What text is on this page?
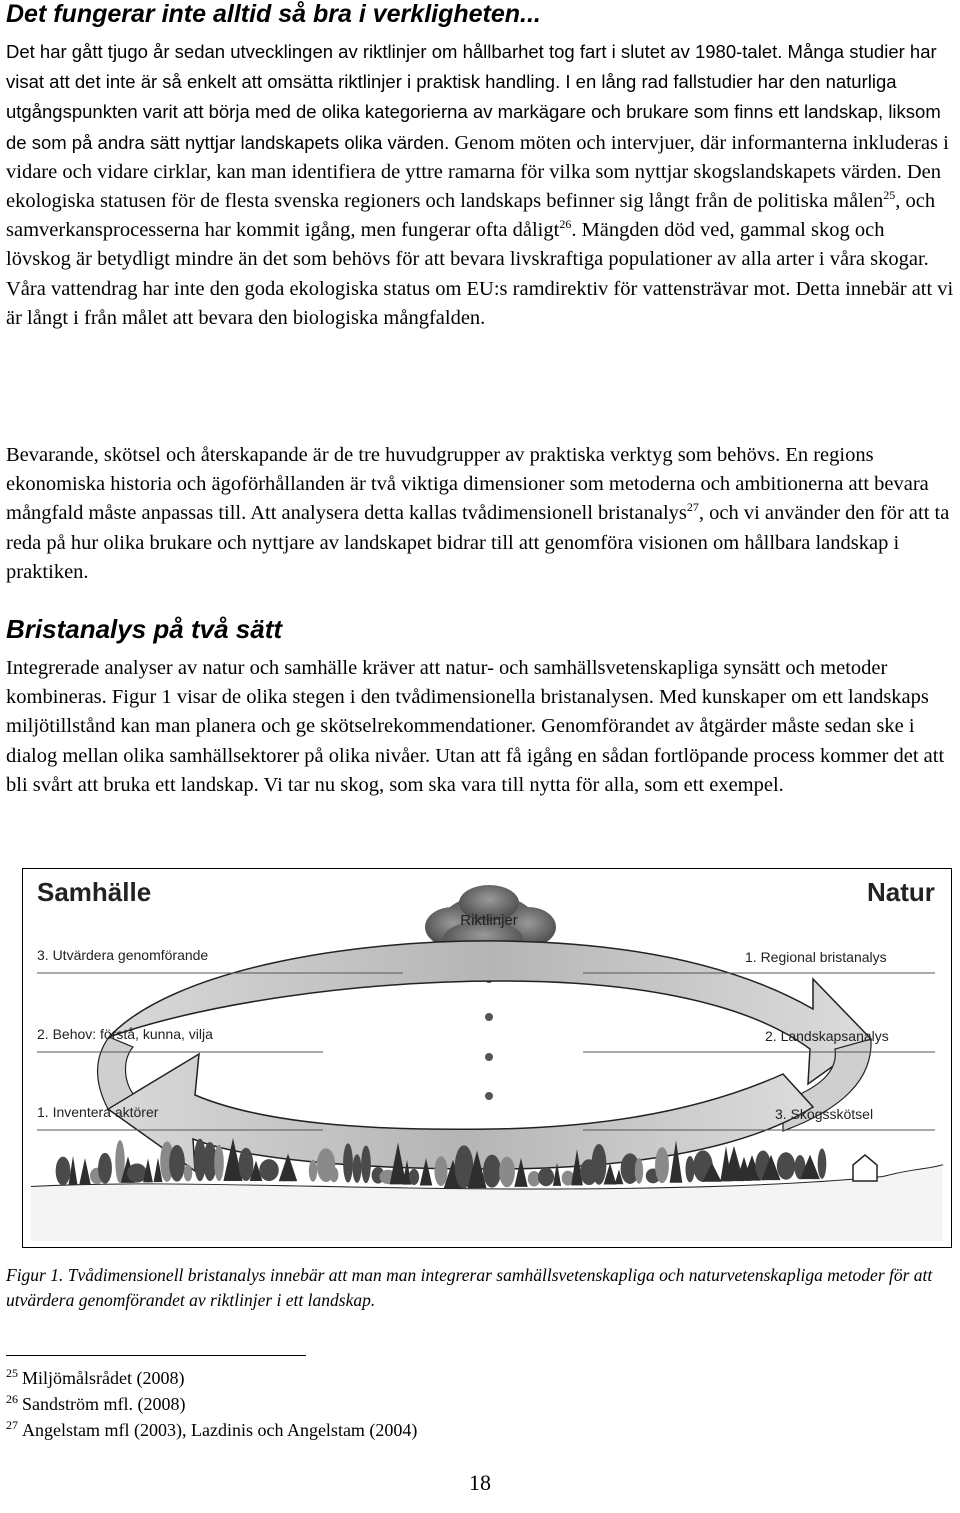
Det fungerar inte alltid så bra i verkligheten...

Det har gått tjugo år sedan utvecklingen av riktlinjer om hållbarhet tog fart i slutet av 1980-talet. Många studier har visat att det inte är så enkelt att omsätta riktlinjer i praktisk handling. I en lång rad fallstudier har den naturliga utgångspunkten varit att börja med de olika kategorierna av markägare och brukare som finns ett landskap, liksom de som på andra sätt nyttjar landskapets olika värden. Genom möten och intervjuer, där informanterna inkluderas i vidare och vidare cirklar, kan man identifiera de yttre ramarna för vilka som nyttjar skogslandskapets värden. Den ekologiska statusen för de flesta svenska regioners och landskaps befinner sig långt från de politiska målen$^{25}$, och samverkansprocesserna har kommit igång, men fungerar ofta dåligt$^{26}$. Mängden död ved, gammal skog och lövskog är betydligt mindre än det som behövs för att bevara livskraftiga populationer av alla arter i våra skogar. Våra vattendrag har inte den goda ekologiska status om EU:s ramdirektiv för vattensträvar mot. Detta innebär att vi är långt i från målet att bevara den biologiska mångfalden.

Bevarande, skötsel och återskapande är de tre huvudgrupper av praktiska verktyg som behövs. En regions ekonomiska historia och ägoförhållanden är två viktiga dimensioner som metoderna och ambitionerna att bevara mångfald måste anpassas till. Att analysera detta kallas tvådimensionell bristanalys$^{27}$, och vi använder den för att ta reda på hur olika brukare och nyttjare av landskapet bidrar till att genomföra visionen om hållbara landskap i praktiken.

Bristanalys på två sätt

Integrerade analyser av natur och samhälle kräver att natur- och samhällsvetenskapliga synsätt och metoder kombineras. Figur 1 visar de olika stegen i den tvådimensionella bristanalysen. Med kunskaper om ett landskaps miljötillstånd kan man planera och ge skötselrekommendationer. Genomförandet av åtgärder måste sedan ske i dialog mellan olika samhällsektorer på olika nivåer. Utan att få igång en sådan fortlöpande process kommer det att bli svårt att bruka ett landskap. Vi tar nu skog, som ska vara till nytta för alla, som ett exempel.

Samhälle	Natur
Riktlinjer
3. Utvärdera genomförande
2. Behov: förstå, kunna, vilja
1. Inventera aktörer
1. Regional bristanalys
2. Landskapsanalys
3. Skogsskötsel

Figur 1. Tvådimensionell bristanalys innebär att man man integrerar samhällsvetenskapliga och naturvetenskapliga metoder för att utvärdera genomförandet av riktlinjer i ett landskap.

$^{25}$ Miljömålsrådet (2008)

$^{26}$ Sandström mfl. (2008)

$^{27}$ Angelstam mfl (2003), Lazdinis och Angelstam (2004)

18
